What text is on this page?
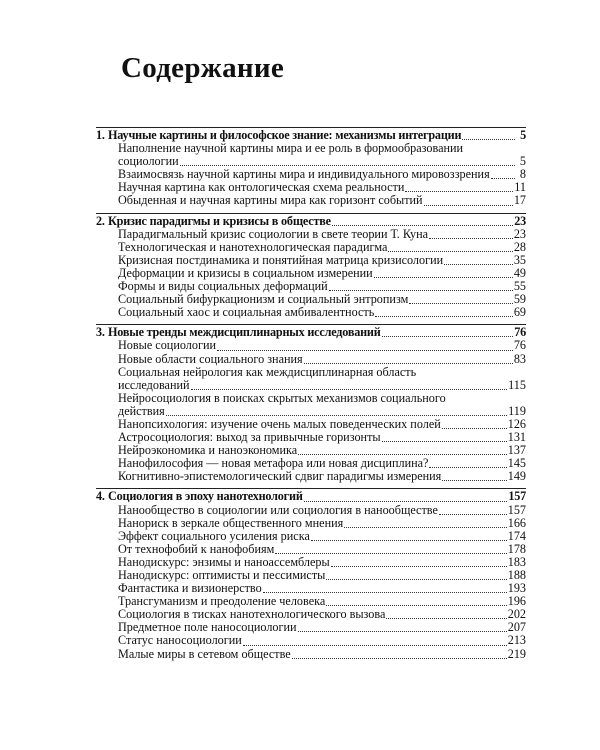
Содержание
1. Научные картины и философское знание: механизмы интеграции	5
Наполнение научной картины мира и ее роль в формообразовании
социологии	5
Взаимосвязь научной картины мира и индивидуального мировоззрения	8
Научная картина как онтологическая схема реальности	11
Обыденная и научная картины мира как горизонт событий	17
2. Кризис парадигмы и кризисы в обществе	23
Парадигмальный кризис социологии в свете теории Т. Куна	23
Технологическая и нанотехнологическая парадигма	28
Кризисная постдинамика и понятийная матрица кризисологии	35
Деформации и кризисы в социальном измерении	49
Формы и виды социальных деформаций	55
Социальный бифуркационизм и социальный энтропизм	59
Социальный хаос и социальная амбивалентность	69
3. Новые тренды междисциплинарных исследований	76
Новые социологии	76
Новые области социального знания	83
Социальная нейрология как междисциплинарная область
исследований	115
Нейросоциология в поисках скрытых механизмов социального
действия	119
Нанопсихология: изучение очень малых поведенческих полей	126
Астросоциология: выход за привычные горизонты	131
Нейроэкономика и наноэкономика	137
Нанофилософия — новая метафора или новая дисциплина?	145
Когнитивно-эпистемологический сдвиг парадигмы измерения	149
4. Социология в эпоху нанотехнологий	157
Нанообщество в социологии или социология в нанообществе	157
Нанориск в зеркале общественного мнения	166
Эффект социального усиления риска	174
От технофобий к нанофобиям	178
Нанодискурс: энзимы и наноассемблеры	183
Нанодискурс: оптимисты и пессимисты	188
Фантастика и визионерство	193
Трансгуманизм и преодоление человека	196
Социология в тисках нанотехнологического вызова	202
Предметное поле наносоциологии	207
Статус наносоциологии	213
Малые миры в сетевом обществе	219
